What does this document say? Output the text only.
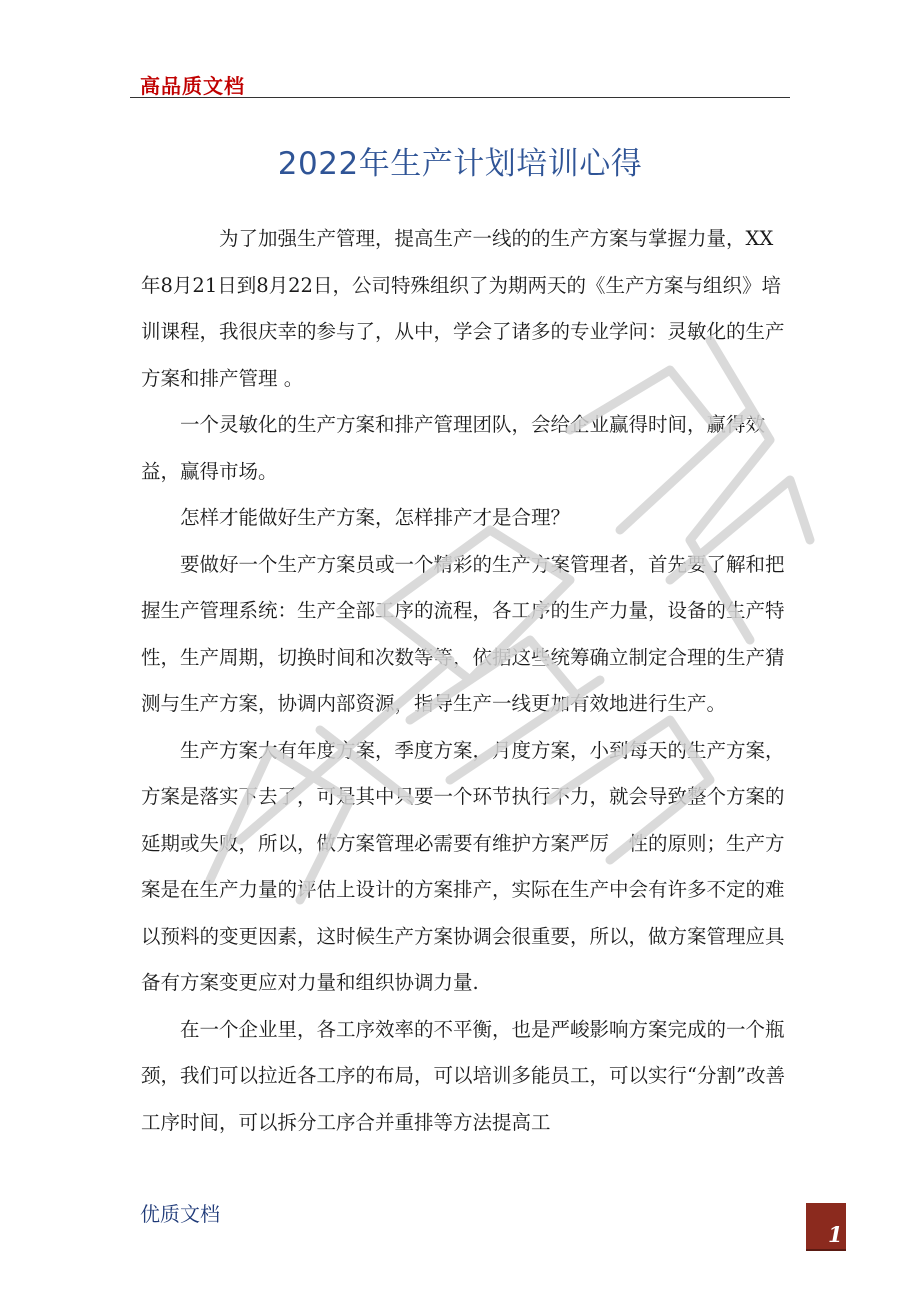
高品质文档
2022年生产计划培训心得

为了加强生产管理，提高生产一线的的生产方案与掌握力量，XX年8月21日到8月22日，公司特殊组织了为期两天的《生产方案与组织》培训课程，我很庆幸的参与了，从中，学会了诸多的专业学问：灵敏化的生产方案和排产管理 。

一个灵敏化的生产方案和排产管理团队，会给企业赢得时间，赢得效益，赢得市场。

怎样才能做好生产方案，怎样排产才是合理？

要做好一个生产方案员或一个精彩的生产方案管理者，首先要了解和把握生产管理系统：生产全部工序的流程，各工序的生产力量，设备的生产特性，生产周期，切换时间和次数等等，依据这些统筹确立制定合理的生产猜测与生产方案，协调内部资源，指导生产一线更加有效地进行生产。

生产方案大有年度方案，季度方案，月度方案，小到每天的生产方案，方案是落实下去了，可是其中只要一个环节执行不力，就会导致整个方案的延期或失败，所以，做方案管理必需要有维护方案严厉　性的原则；生产方案是在生产力量的评估上设计的方案排产，实际在生产中会有许多不定的难以预料的变更因素，这时候生产方案协调会很重要，所以，做方案管理应具备有方案变更应对力量和组织协调力量.

在一个企业里，各工序效率的不平衡，也是严峻影响方案完成的一个瓶颈，我们可以拉近各工序的布局，可以培训多能员工，可以实行“分割”改善工序时间，可以拆分工序合并重排等方法提高工

优质文档
1
